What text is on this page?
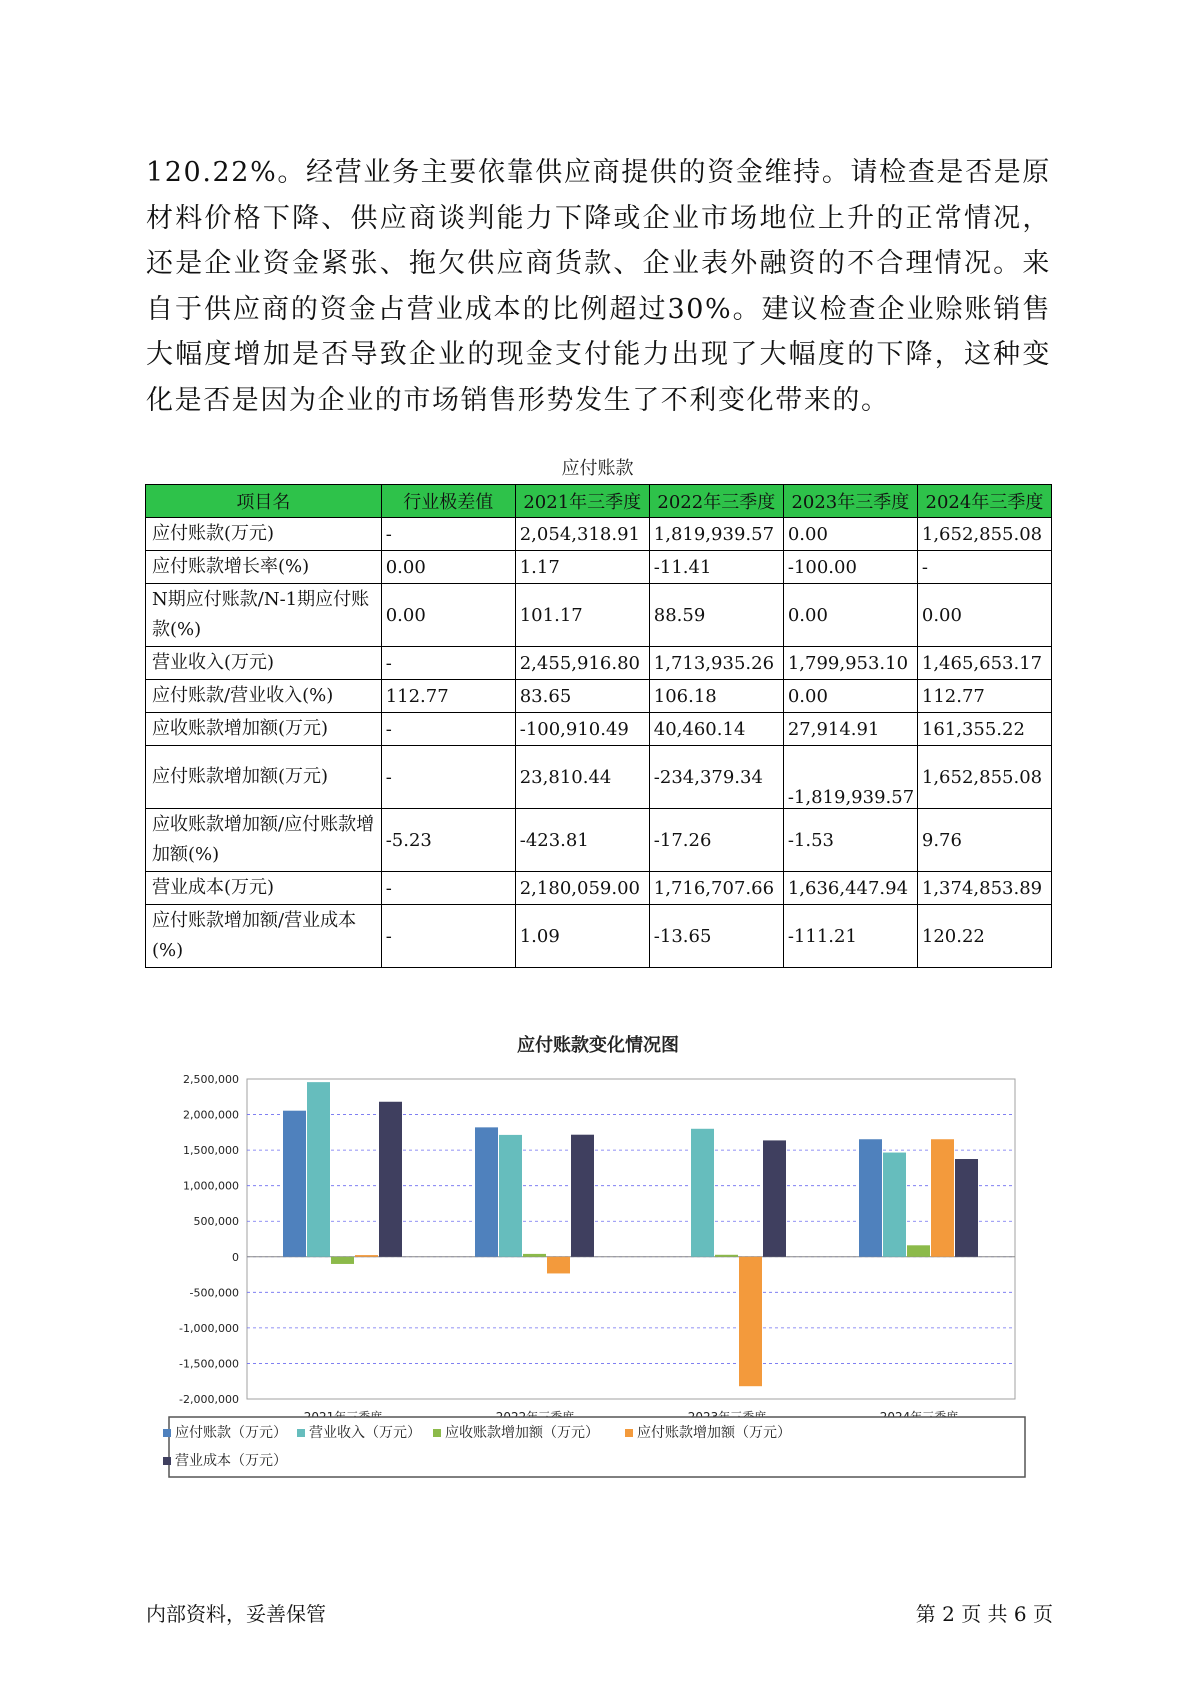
120.22%。经营业务主要依靠供应商提供的资金维持。请检查是否是原材料价格下降、供应商谈判能力下降或企业市场地位上升的正常情况，还是企业资金紧张、拖欠供应商货款、企业表外融资的不合理情况。来自于供应商的资金占营业成本的比例超过30%。建议检查企业赊账销售大幅度增加是否导致企业的现金支付能力出现了大幅度的下降，这种变化是否是因为企业的市场销售形势发生了不利变化带来的。

应付账款
项目名	行业极差值	2021年三季度	2022年三季度	2023年三季度	2024年三季度
应付账款(万元)	-	2,054,318.91	1,819,939.57	0.00	1,652,855.08
应付账款增长率(%)	0.00	1.17	-11.41	-100.00	-
N期应付账款/N-1期应付账款(%)	0.00	101.17	88.59	0.00	0.00
营业收入(万元)	-	2,455,916.80	1,713,935.26	1,799,953.10	1,465,653.17
应付账款/营业收入(%)	112.77	83.65	106.18	0.00	112.77
应收账款增加额(万元)	-	-100,910.49	40,460.14	27,914.91	161,355.22
应付账款增加额(万元)	-	23,810.44	-234,379.34	-1,819,939.57	1,652,855.08
应收账款增加额/应付账款增加额(%)	-5.23	-423.81	-17.26	-1.53	9.76
营业成本(万元)	-	2,180,059.00	1,716,707.66	1,636,447.94	1,374,853.89
应付账款增加额/营业成本(%)	-	1.09	-13.65	-111.21	120.22
应付账款变化情况图
2,500,000
2,000,000
1,500,000
1,000,000
500,000
0
-500,000
-1,000,000
-1,500,000
-2,000,000
应付账款（万元） 营业收入（万元） 应收账款增加额（万元）	应付账款增加额（万元）
营业成本（万元）
内部资料，妥善保管	第 2 页 共 6 页
